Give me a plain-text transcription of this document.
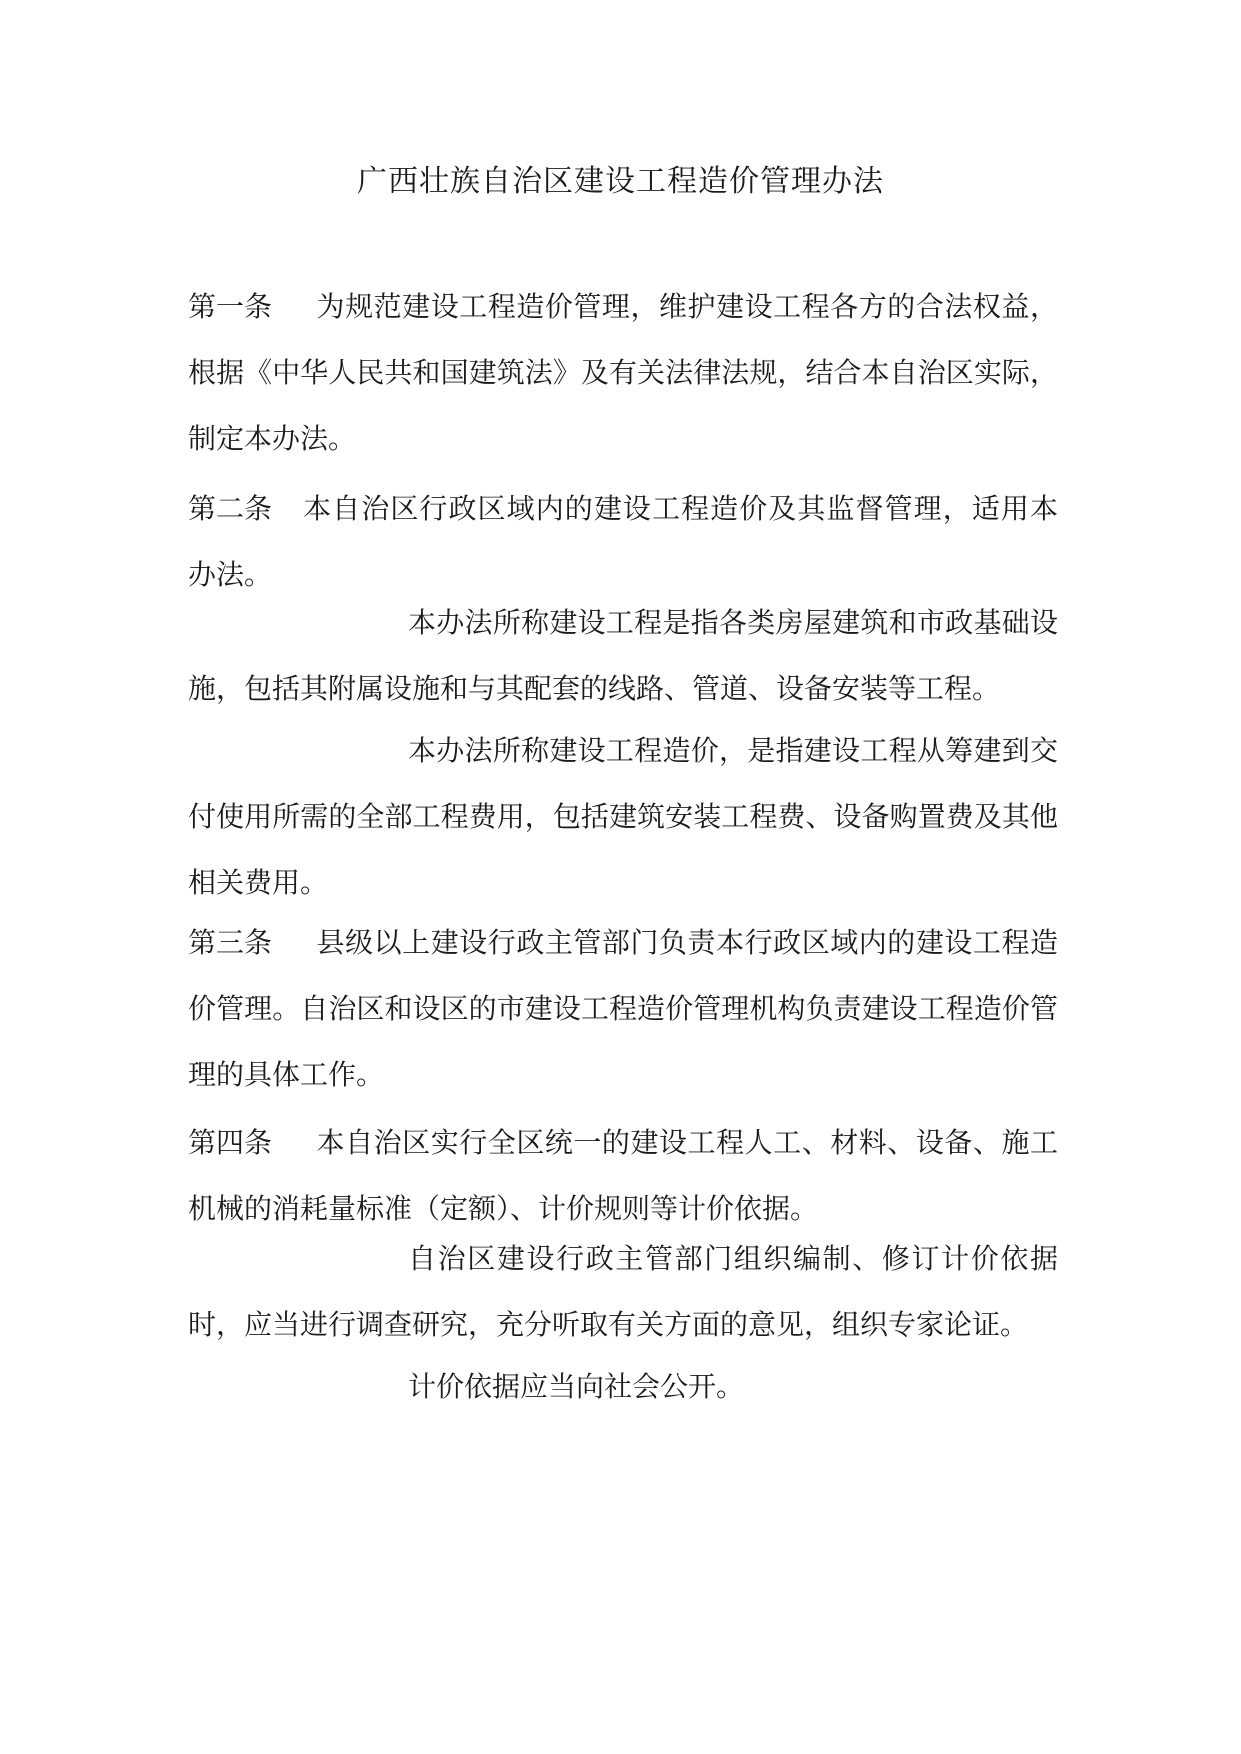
广西壮族自治区建设工程造价管理办法

第一条 为规范建设工程造价管理，维护建设工程各方的合法权益，根据《中华人民共和国建筑法》及有关法律法规，结合本自治区实际，制定本办法。

第二条 本自治区行政区域内的建设工程造价及其监督管理，适用本办法。

本办法所称建设工程是指各类房屋建筑和市政基础设施，包括其附属设施和与其配套的线路、管道、设备安装等工程。

本办法所称建设工程造价，是指建设工程从筹建到交付使用所需的全部工程费用，包括建筑安装工程费、设备购置费及其他相关费用。

第三条 县级以上建设行政主管部门负责本行政区域内的建设工程造价管理。自治区和设区的市建设工程造价管理机构负责建设工程造价管理的具体工作。

第四条 本自治区实行全区统一的建设工程人工、材料、设备、施工机械的消耗量标准（定额）、计价规则等计价依据。

自治区建设行政主管部门组织编制、修订计价依据时，应当进行调查研究，充分听取有关方面的意见，组织专家论证。

计价依据应当向社会公开。
